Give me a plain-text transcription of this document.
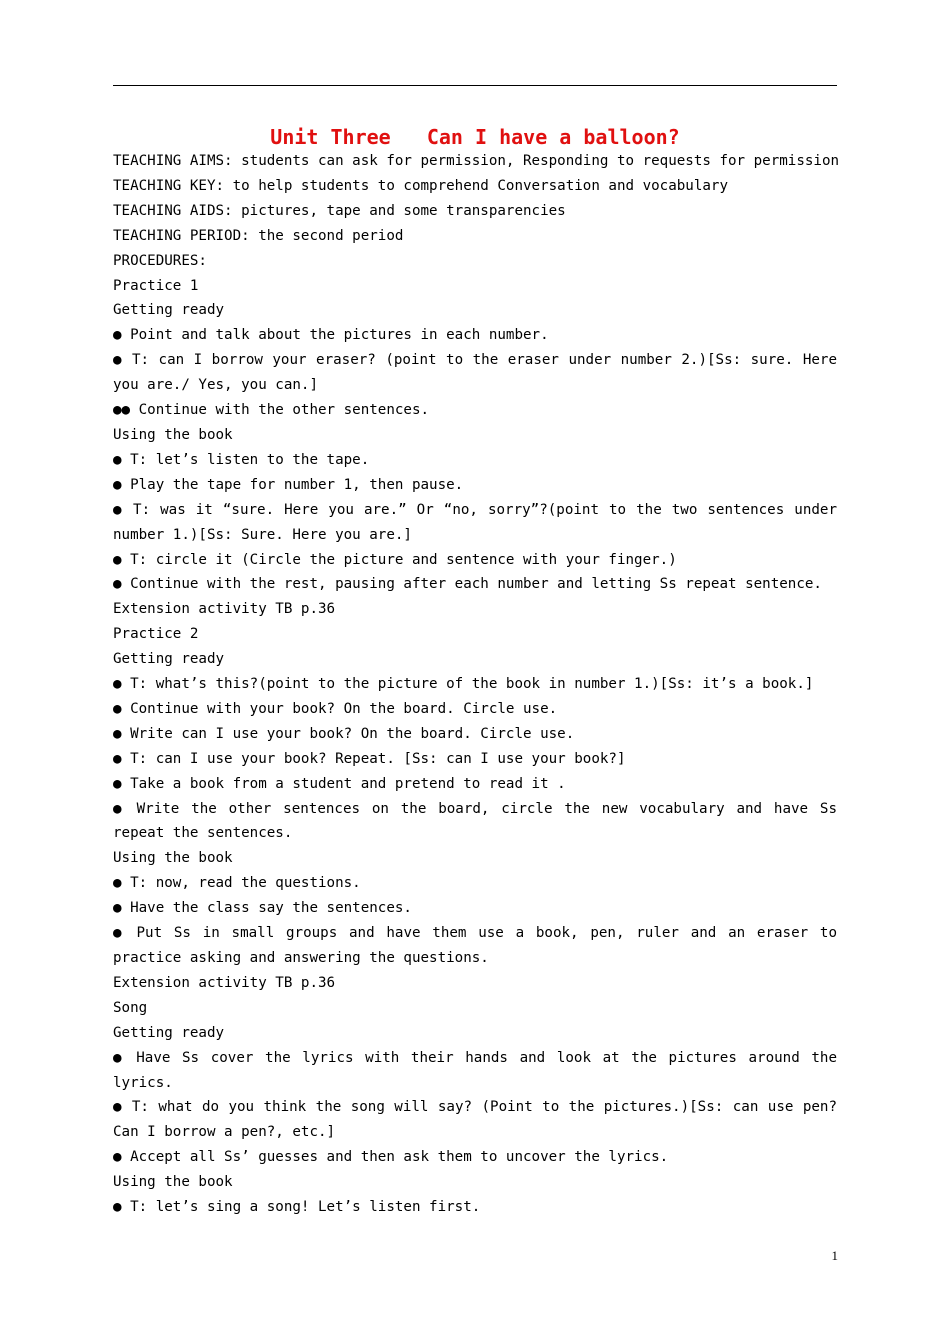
Unit Three   Can I have a balloon?

TEACHING AIMS: students can ask for permission, Responding to requests for permission

TEACHING KEY: to help students to comprehend Conversation and vocabulary

TEACHING AIDS: pictures, tape and some transparencies

TEACHING PERIOD: the second period

PROCEDURES:

Practice 1

Getting ready

● Point and talk about the pictures in each number.

● T: can I borrow your eraser? (point to the eraser under number 2.)[Ss: sure. Here you are./ Yes, you can.]

●● Continue with the other sentences.

Using the book

● T: let’s listen to the tape.

● Play the tape for number 1, then pause.

● T: was it “sure. Here you are.” Or “no, sorry”?(point to the two sentences under number 1.)[Ss: Sure. Here you are.]

● T: circle it (Circle the picture and sentence with your finger.)

● Continue with the rest, pausing after each number and letting Ss repeat sentence.

Extension activity TB p.36

Practice 2

Getting ready

● T: what’s this?(point to the picture of the book in number 1.)[Ss: it’s a book.]

● Continue with your book? On the board. Circle use.

● Write can I use your book? On the board. Circle use.

● T: can I use your book? Repeat. [Ss: can I use your book?]

● Take a book from a student and pretend to read it .

● Write the other sentences on the board, circle the new vocabulary and have Ss repeat the sentences.

Using the book

● T: now, read the questions.

● Have the class say the sentences.

● Put Ss in small groups and have them use a book, pen, ruler and an eraser to practice asking and answering the questions.

Extension activity TB p.36

Song

Getting ready

● Have Ss cover the lyrics with their hands and look at the pictures around the lyrics.

● T: what do you think the song will say? (Point to the pictures.)[Ss: can use pen? Can I borrow a pen?, etc.]

● Accept all Ss’ guesses and then ask them to uncover the lyrics.

Using the book

● T: let’s sing a song! Let’s listen first.

1
